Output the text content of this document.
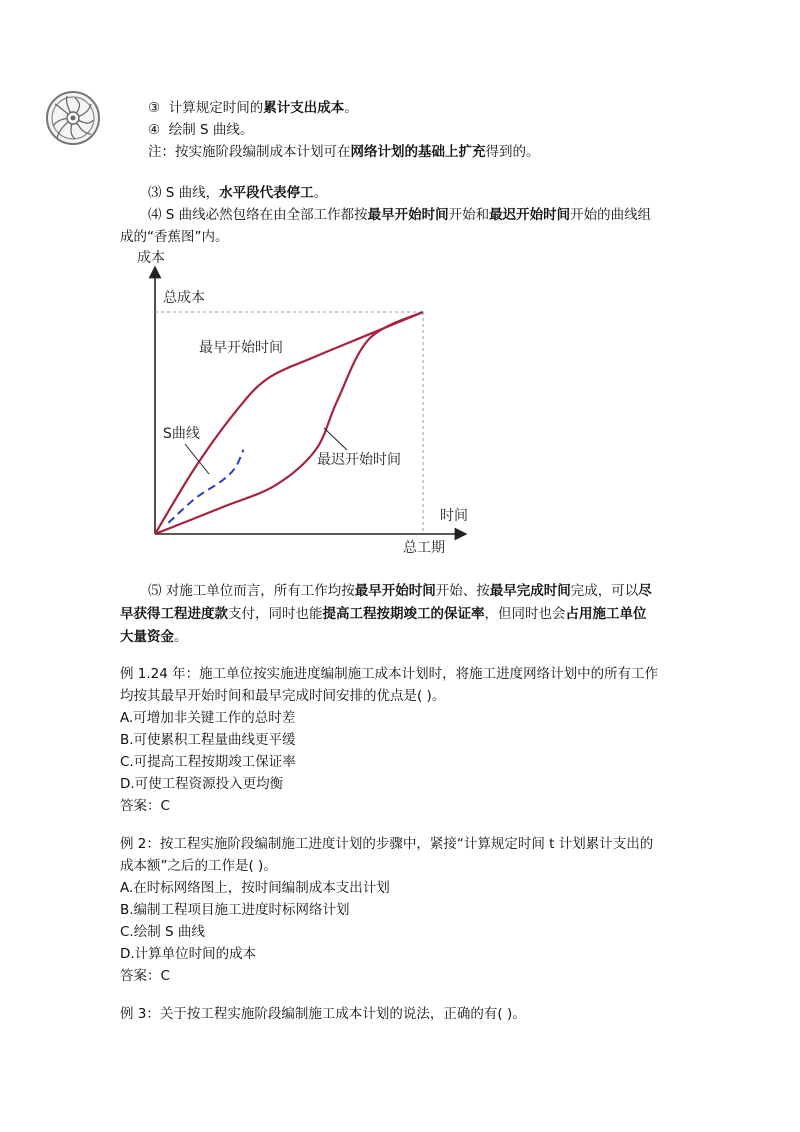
③ 计算规定时间的累计支出成本。
④ 绘制 S 曲线。
注：按实施阶段编制成本计划可在网络计划的基础上扩充得到的。
⑶ S 曲线，水平段代表停工。
⑷ S 曲线必然包络在由全部工作都按最早开始时间开始和最迟开始时间开始的曲线组
成的“香蕉图”内。
成本
总成本
时间
总工期
最早开始时间
最迟开始时间
S曲线
⑸ 对施工单位而言，所有工作均按最早开始时间开始、按最早完成时间完成，可以尽
早获得工程进度款支付，同时也能提高工程按期竣工的保证率，但同时也会占用施工单位
大量资金。
例 1.24 年：施工单位按实施进度编制施工成本计划时，将施工进度网络计划中的所有工作
均按其最早开始时间和最早完成时间安排的优点是( )。
A.可增加非关键工作的总时差
B.可使累积工程量曲线更平缓
C.可提高工程按期竣工保证率
D.可使工程资源投入更均衡
答案：C
例 2：按工程实施阶段编制施工进度计划的步骤中，紧接“计算规定时间 t 计划累计支出的
成本额”之后的工作是( )。
A.在时标网络图上，按时间编制成本支出计划
B.编制工程项目施工进度时标网络计划
C.绘制 S 曲线
D.计算单位时间的成本
答案：C
例 3：关于按工程实施阶段编制施工成本计划的说法，正确的有( )。
